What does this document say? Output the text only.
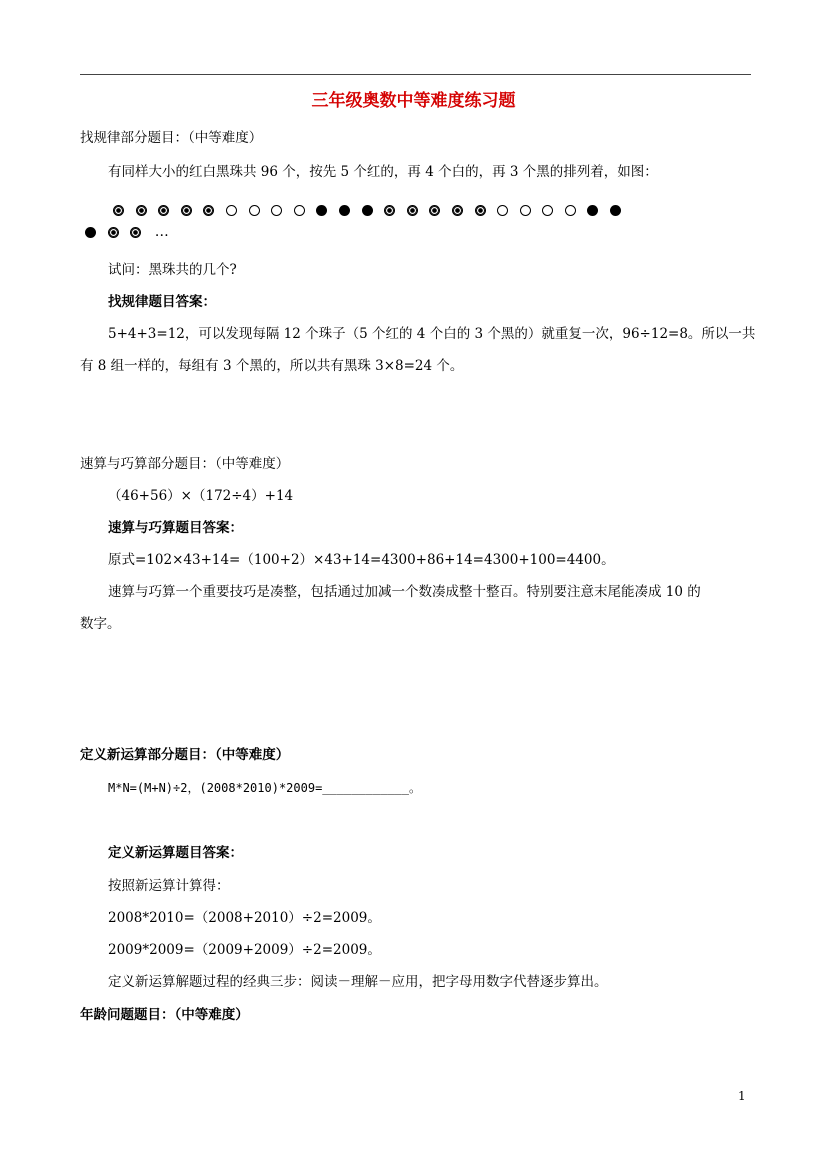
三年级奥数中等难度练习题
找规律部分题目：（中等难度）
有同样大小的红白黑珠共 96 个，按先 5 个红的，再 4 个白的，再 3 个黑的排列着，如图：
…
试问：黑珠共的几个?
找规律题目答案：
5+4+3=12，可以发现每隔 12 个珠子（5 个红的 4 个白的 3 个黑的）就重复一次，96÷12=8。所以一共
有 8 组一样的，每组有 3 个黑的，所以共有黑珠 3×8=24 个。
速算与巧算部分题目：（中等难度）
（46+56）×（172÷4）+14
速算与巧算题目答案：
原式=102×43+14=（100+2）×43+14=4300+86+14=4300+100=4400。
速算与巧算一个重要技巧是凑整，包括通过加减一个数凑成整十整百。特别要注意末尾能凑成 10 的
数字。
定义新运算部分题目：（中等难度）
M*N=(M+N)÷2，(2008*2010)*2009=____________。
定义新运算题目答案：
按照新运算计算得：
2008*2010=（2008+2010）÷2=2009。
2009*2009=（2009+2009）÷2=2009。
定义新运算解题过程的经典三步：阅读－理解－应用，把字母用数字代替逐步算出。
年龄问题题目：（中等难度）
1
